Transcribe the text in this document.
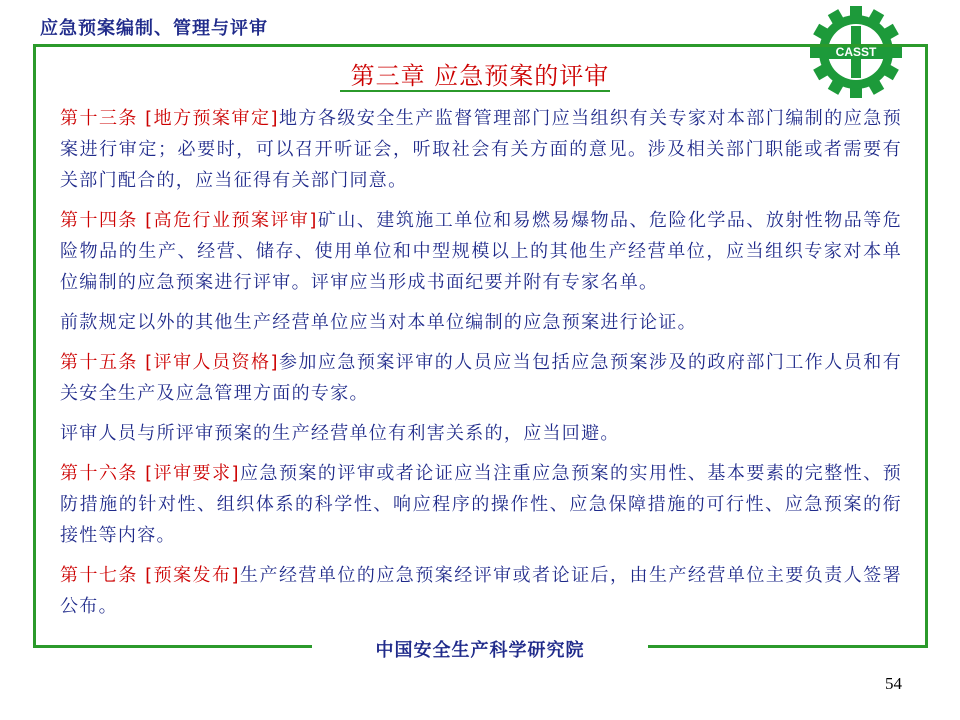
应急预案编制、管理与评审
CASST
第三章 应急预案的评审

第十三条 [地方预案审定]地方各级安全生产监督管理部门应当组织有关专家对本部门编制的应急预案进行审定；必要时，可以召开听证会，听取社会有关方面的意见。涉及相关部门职能或者需要有关部门配合的，应当征得有关部门同意。

第十四条 [高危行业预案评审]矿山、建筑施工单位和易燃易爆物品、危险化学品、放射性物品等危险物品的生产、经营、储存、使用单位和中型规模以上的其他生产经营单位，应当组织专家对本单位编制的应急预案进行评审。评审应当形成书面纪要并附有专家名单。

前款规定以外的其他生产经营单位应当对本单位编制的应急预案进行论证。

第十五条 [评审人员资格]参加应急预案评审的人员应当包括应急预案涉及的政府部门工作人员和有关安全生产及应急管理方面的专家。

评审人员与所评审预案的生产经营单位有利害关系的，应当回避。

第十六条 [评审要求]应急预案的评审或者论证应当注重应急预案的实用性、基本要素的完整性、预防措施的针对性、组织体系的科学性、响应程序的操作性、应急保障措施的可行性、应急预案的衔接性等内容。

第十七条 [预案发布]生产经营单位的应急预案经评审或者论证后，由生产经营单位主要负责人签署公布。

中国安全生产科学研究院
54
